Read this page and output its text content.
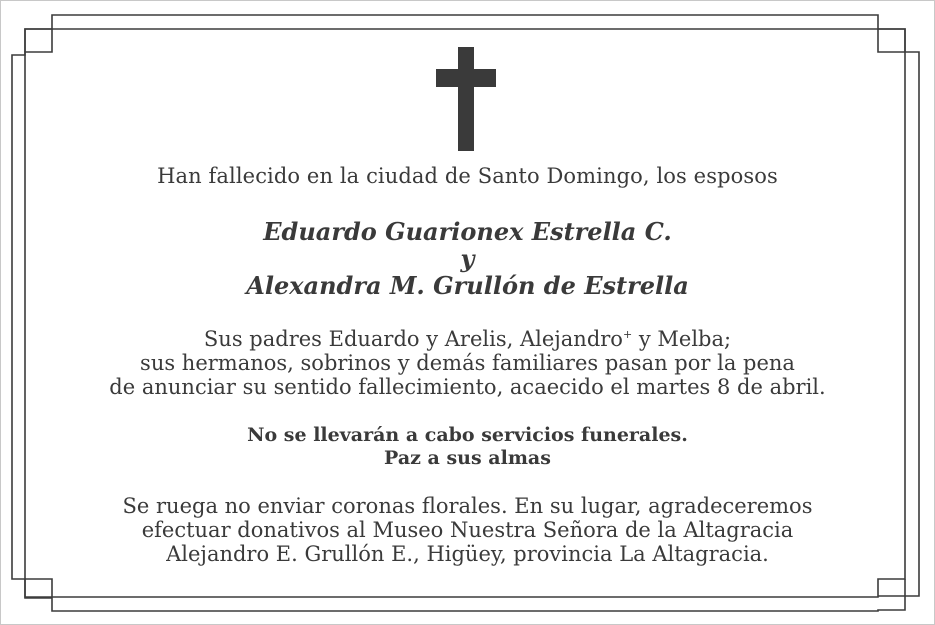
Han fallecido en la ciudad de Santo Domingo, los esposos
Eduardo Guarionex Estrella C.
y
Alexandra M. Grullón de Estrella
Sus padres Eduardo y Arelis, Alejandro+ y Melba;
sus hermanos, sobrinos y demás familiares pasan por la pena
de anunciar su sentido fallecimiento, acaecido el martes 8 de abril.
No se llevarán a cabo servicios funerales.
Paz a sus almas
Se ruega no enviar coronas florales. En su lugar, agradeceremos
efectuar donativos al Museo Nuestra Señora de la Altagracia
Alejandro E. Grullón E., Higüey, provincia La Altagracia.
